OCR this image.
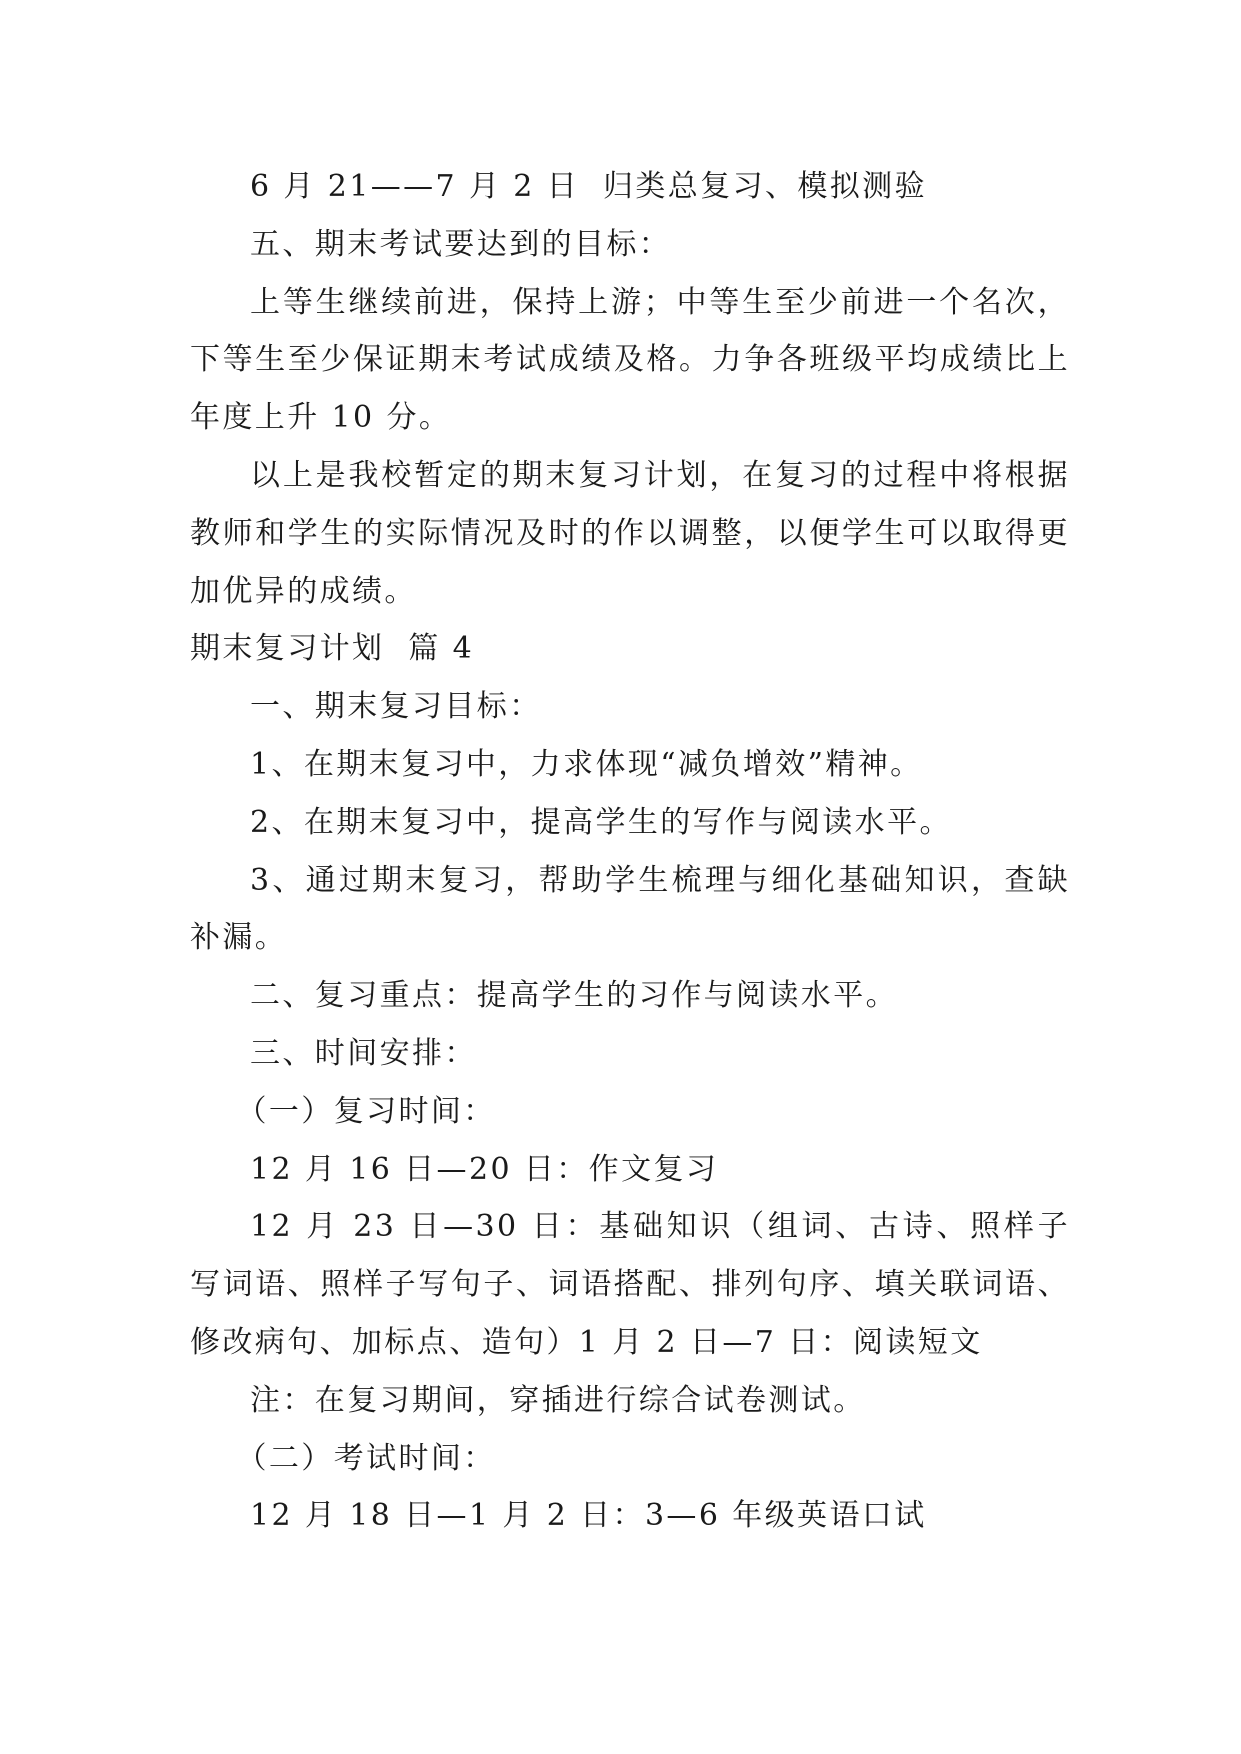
6 月 21——7 月 2 日  归类总复习、模拟测验

五、期末考试要达到的目标：

上等生继续前进，保持上游；中等生至少前进一个名次，下等生至少保证期末考试成绩及格。力争各班级平均成绩比上年度上升 10 分。

以上是我校暂定的期末复习计划，在复习的过程中将根据教师和学生的实际情况及时的作以调整，以便学生可以取得更加优异的成绩。

期末复习计划  篇 4

一、期末复习目标：

1、在期末复习中，力求体现“减负增效”精神。

2、在期末复习中，提高学生的写作与阅读水平。

3、通过期末复习，帮助学生梳理与细化基础知识，查缺补漏。

二、复习重点：提高学生的习作与阅读水平。

三、时间安排：

（一）复习时间：

12 月 16 日—20 日：作文复习

12 月 23 日—30 日：基础知识（组词、古诗、照样子写词语、照样子写句子、词语搭配、排列句序、填关联词语、修改病句、加标点、造句）1 月 2 日—7 日：阅读短文

注：在复习期间，穿插进行综合试卷测试。

（二）考试时间：

12 月 18 日—1 月 2 日：3—6 年级英语口试
